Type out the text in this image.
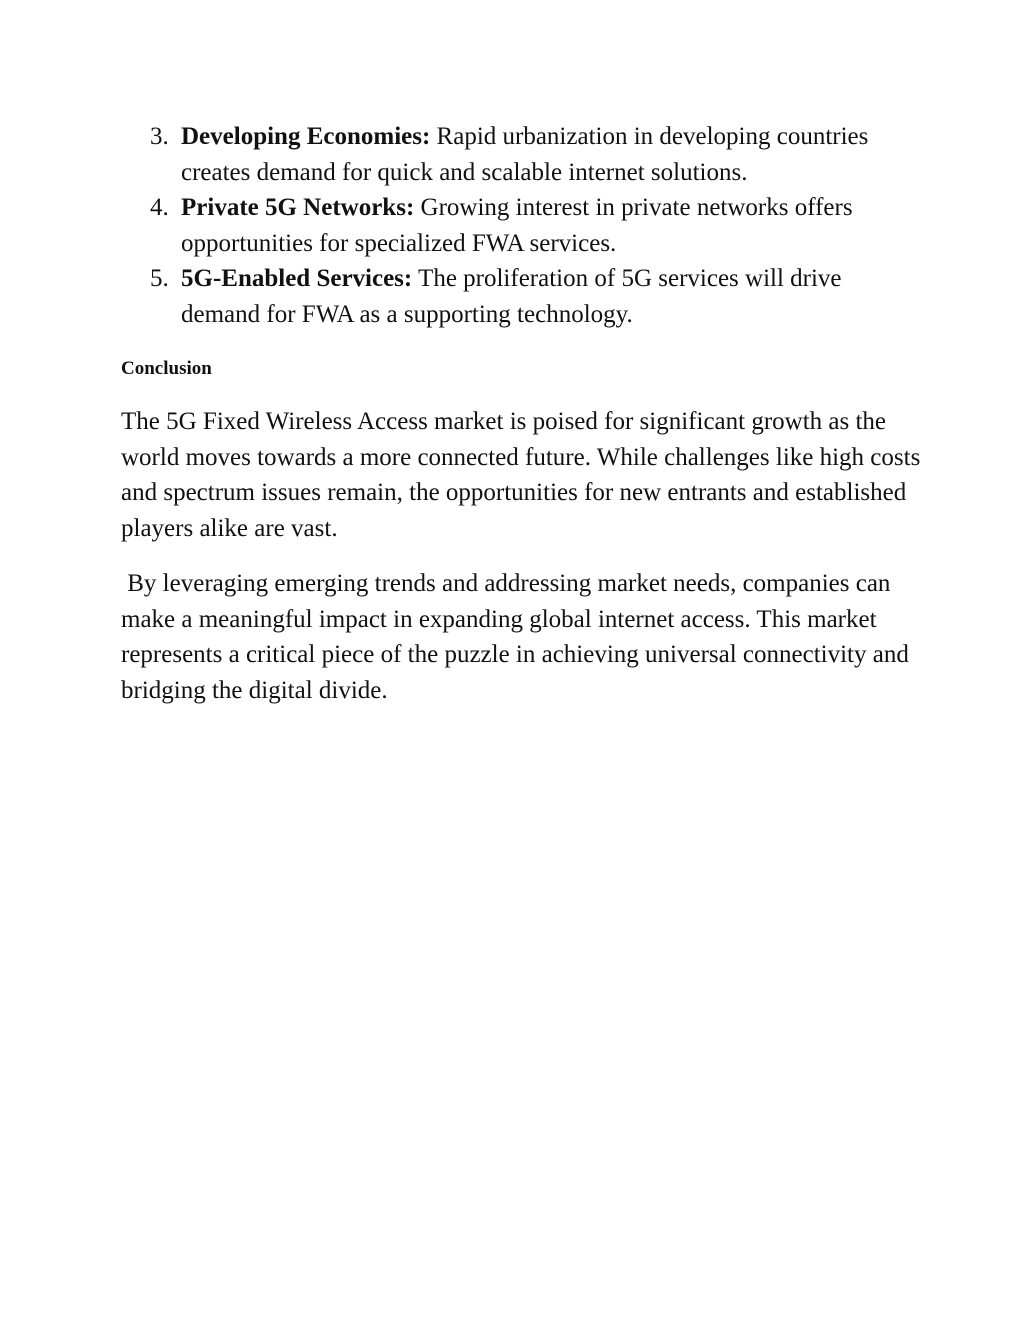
3. Developing Economies: Rapid urbanization in developing countries creates demand for quick and scalable internet solutions.
4. Private 5G Networks: Growing interest in private networks offers opportunities for specialized FWA services.
5. 5G-Enabled Services: The proliferation of 5G services will drive demand for FWA as a supporting technology.
Conclusion

The 5G Fixed Wireless Access market is poised for significant growth as the world moves towards a more connected future. While challenges like high costs and spectrum issues remain, the opportunities for new entrants and established players alike are vast.

By leveraging emerging trends and addressing market needs, companies can make a meaningful impact in expanding global internet access. This market represents a critical piece of the puzzle in achieving universal connectivity and bridging the digital divide.
